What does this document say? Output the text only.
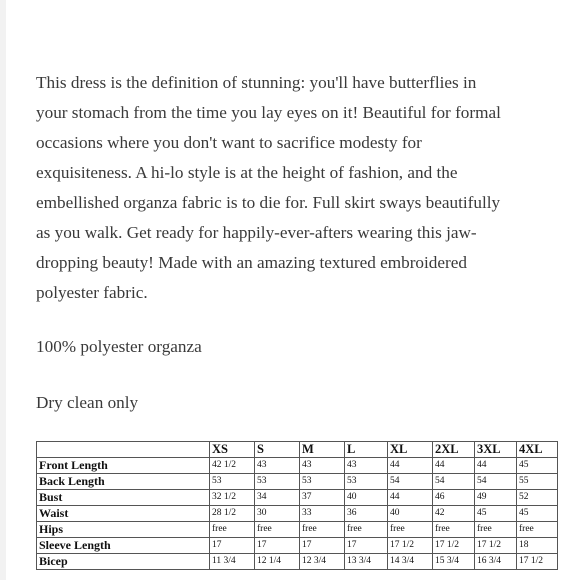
This dress is the definition of stunning: you'll have butterflies in
your stomach from the time you lay eyes on it! Beautiful for formal
occasions where you don't want to sacrifice modesty for
exquisiteness. A hi-lo style is at the height of fashion, and the
embellished organza fabric is to die for. Full skirt sways beautifully
as you walk. Get ready for happily-ever-afters wearing this jaw-
dropping beauty! Made with an amazing textured embroidered
polyester fabric.
100% polyester organza
Dry clean only
	XS	S	M	L	XL	2XL	3XL	4XL
Front Length	42 1/2	43	43	43	44	44	44	45
Back Length	53	53	53	53	54	54	54	55
Bust	32 1/2	34	37	40	44	46	49	52
Waist	28 1/2	30	33	36	40	42	45	45
Hips	free	free	free	free	free	free	free	free
Sleeve Length	17	17	17	17	17 1/2	17 1/2	17 1/2	18
Bicep	11 3/4	12 1/4	12 3/4	13 3/4	14 3/4	15 3/4	16 3/4	17 1/2
